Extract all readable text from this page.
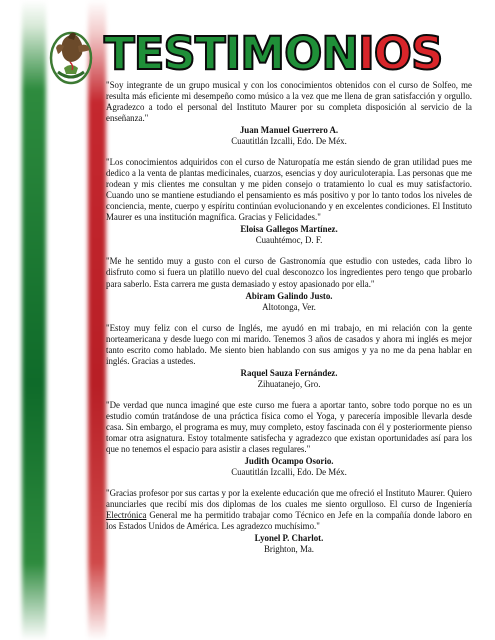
TESTIMON IOS

"Soy integrante de un grupo musical y con los conocimientos obtenidos con el curso de Solfeo, me resulta más eficiente mi desempeño como músico a la vez que me llena de gran satisfacción y orgullo. Agradezco a todo el personal del Instituto Maurer por su completa disposición al servicio de la enseñanza."

Juan Manuel Guerrero A.

Cuautitlán Izcalli, Edo. De Méx.

"Los conocimientos adquiridos con el curso de Naturopatía me están siendo de gran utilidad pues me dedico a la venta de plantas medicinales, cuarzos, esencias y doy auriculoterapia. Las personas que me rodean y mis clientes me consultan y me piden consejo o tratamiento lo cual es muy satisfactorio. Cuando uno se mantiene estudiando el pensamiento es más positivo y por lo tanto todos los niveles de conciencia, mente, cuerpo y espíritu continúan evolucionando y en excelentes condiciones. El Instituto Maurer es una institución magnífica. Gracias y Felicidades."

Eloisa Gallegos Martínez.

Cuauhtémoc, D. F.

"Me he sentido muy a gusto con el curso de Gastronomía que estudio con ustedes, cada libro lo disfruto como si fuera un platillo nuevo del cual desconozco los ingredientes pero tengo que probarlo para saberlo. Esta carrera me gusta demasiado y estoy apasionado por ella."

Abiram Galindo Justo.

Altotonga, Ver.

"Estoy muy feliz con el curso de Inglés, me ayudó en mi trabajo, en mi relación con la gente norteamericana y desde luego con mi marido. Tenemos 3 años de casados y ahora mi inglés es mejor tanto escrito como hablado. Me siento bien hablando con sus amigos y ya no me da pena hablar en inglés. Gracias a ustedes.

Raquel Sauza Fernández.

Zihuatanejo, Gro.

"De verdad que nunca imaginé que este curso me fuera a aportar tanto, sobre todo porque no es un estudio común tratándose de una práctica física como el Yoga, y parecería imposible llevarla desde casa. Sin embargo, el programa es muy, muy completo, estoy fascinada con él y posteriormente pienso tomar otra asignatura. Estoy totalmente satisfecha y agradezco que existan oportunidades así para los que no tenemos el espacio para asistir a clases regulares."

Judith Ocampo Osorio.

Cuautitlán Izcalli, Edo. De Méx.

"Gracias profesor por sus cartas y por la exelente educación que me ofreció el Instituto Maurer. Quiero anunciarles que recibí mis dos diplomas de los cuales me siento orgulloso. El curso de Ingeniería Electrónica General me ha permitido trabajar como Técnico en Jefe en la compañía donde laboro en los Estados Unidos de América. Les agradezco muchísimo."

Lyonel P. Charlot.

Brighton, Ma.
